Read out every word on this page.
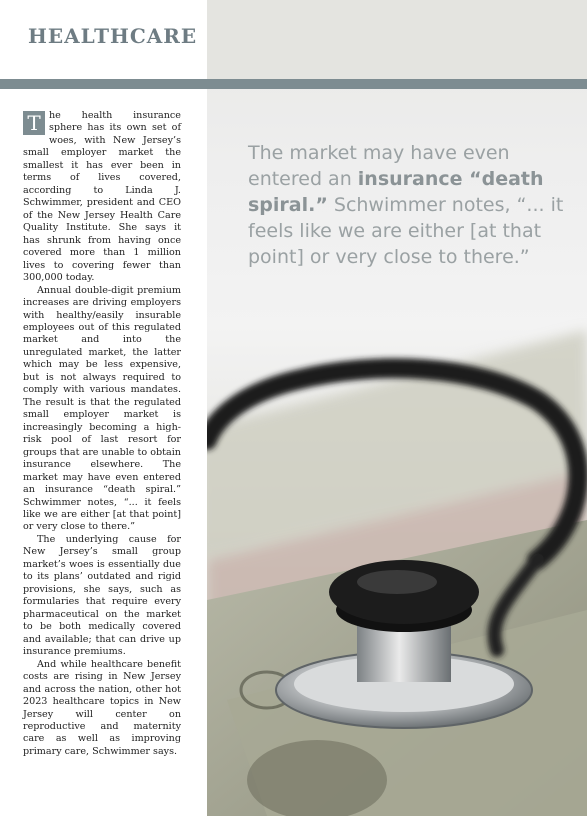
HEALTHCARE

The market may have even entered an insurance “death spiral.” Schwimmer notes, “... it feels like we are either [at that point] or very close to there.”

T he health insurance sphere has its own set of woes, with New Jersey’s small employer market the smallest it has ever been in terms of lives covered, according to Linda J. Schwimmer, president and CEO of the New Jersey Health Care Quality Institute. She says it has shrunk from having once covered more than 1 million lives to covering fewer than 300,000 today.

Annual double-digit premium increases are driving employers with healthy/easily insurable employees out of this regulated market and into the unregulated market, the latter which may be less expensive, but is not always required to comply with various mandates. The result is that the regulated small employer market is increasingly becoming a high-risk pool of last resort for groups that are unable to obtain insurance elsewhere. The market may have even entered an insurance “death spiral.” Schwimmer notes, “... it feels like we are either [at that point] or very close to there.”

The underlying cause for New Jersey’s small group market’s woes is essentially due to its plans’ outdated and rigid provisions, she says, such as formularies that require every pharmaceutical on the market to be both medically covered and available; that can drive up insurance premiums.

And while healthcare benefit costs are rising in New Jersey and across the nation, other hot 2023 healthcare topics in New Jersey will center on reproductive and maternity care as well as improving primary care, Schwimmer says.
